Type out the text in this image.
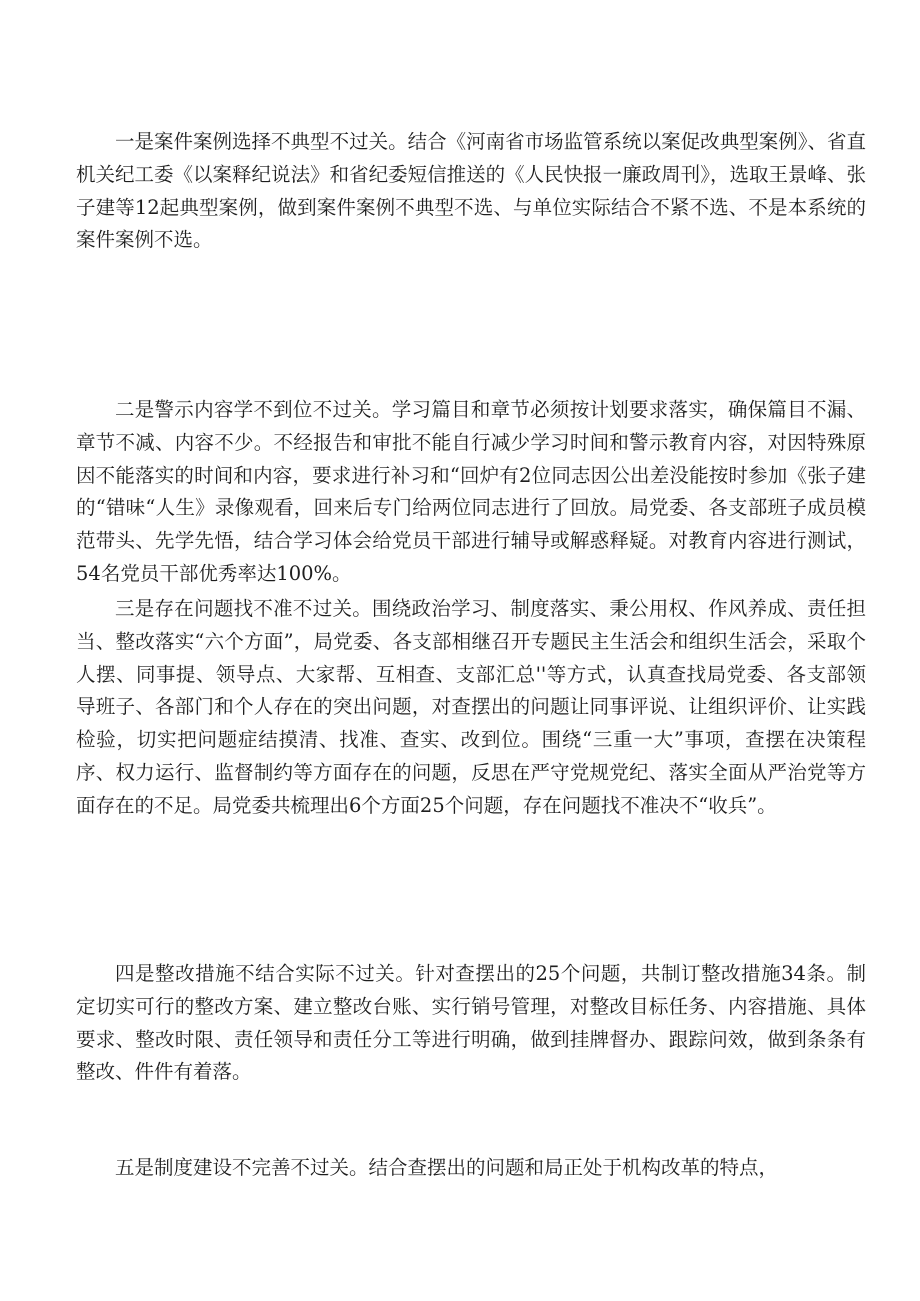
一是案件案例选择不典型不过关。结合《河南省市场监管系统以案促改典型案例》、省直机关纪工委《以案释纪说法》和省纪委短信推送的《人民快报一廉政周刊》，选取王景峰、张子建等12起典型案例，做到案件案例不典型不选、与单位实际结合不紧不选、不是本系统的案件案例不选。

二是警示内容学不到位不过关。学习篇目和章节必须按计划要求落实，确保篇目不漏、章节不减、内容不少。不经报告和审批不能自行减少学习时间和警示教育内容，对因特殊原因不能落实的时间和内容，要求进行补习和“回炉有2位同志因公出差没能按时参加《张子建的“错味“人生》录像观看，回来后专门给两位同志进行了回放。局党委、各支部班子成员模范带头、先学先悟，结合学习体会给党员干部进行辅导或解惑释疑。对教育内容进行测试，54名党员干部优秀率达100%。

三是存在问题找不准不过关。围绕政治学习、制度落实、秉公用权、作风养成、责任担当、整改落实“六个方面”，局党委、各支部相继召开专题民主生活会和组织生活会，采取个人摆、同事提、领导点、大家帮、互相查、支部汇总''等方式，认真查找局党委、各支部领导班子、各部门和个人存在的突出问题，对查摆出的问题让同事评说、让组织评价、让实践检验，切实把问题症结摸清、找准、查实、改到位。围绕“三重一大”事项，查摆在决策程序、权力运行、监督制约等方面存在的问题，反思在严守党规党纪、落实全面从严治党等方面存在的不足。局党委共梳理出6个方面25个问题，存在问题找不准决不“收兵”。

四是整改措施不结合实际不过关。针对查摆出的25个问题，共制订整改措施34条。制定切实可行的整改方案、建立整改台账、实行销号管理，对整改目标任务、内容措施、具体要求、整改时限、责任领导和责任分工等进行明确，做到挂牌督办、跟踪问效，做到条条有整改、件件有着落。

五是制度建设不完善不过关。结合查摆出的问题和局正处于机构改革的特点，
